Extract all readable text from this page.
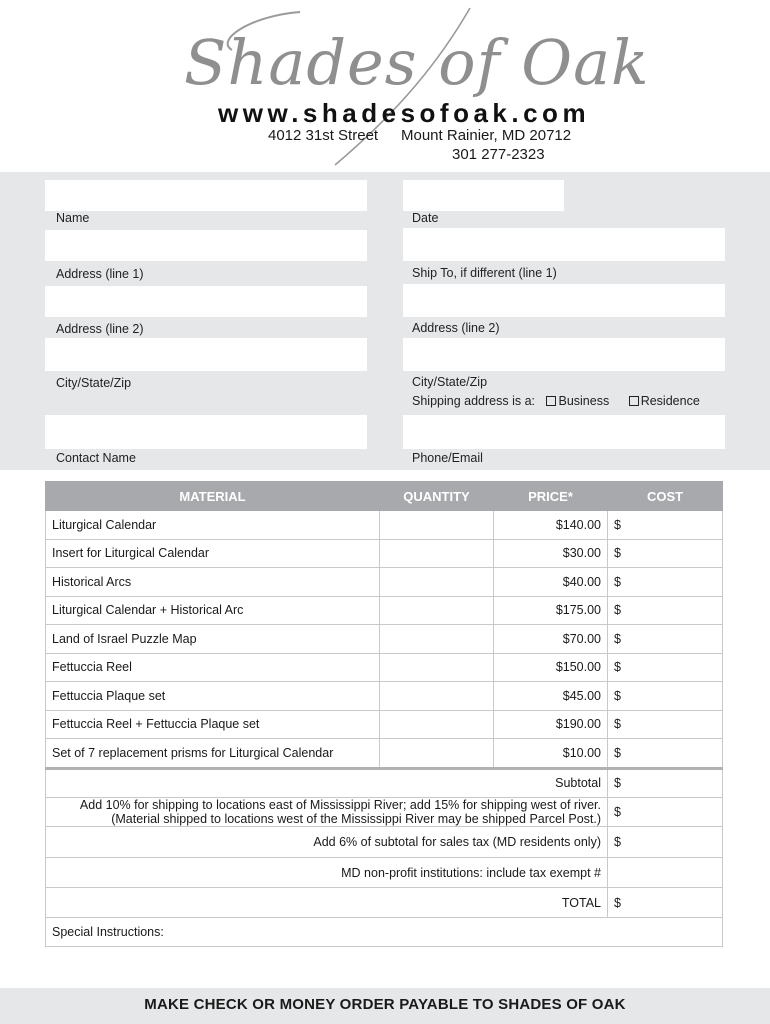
Shades of Oak
www.shadesofoak.com
4012 31st Street Mount Rainier, MD 20712
301 277-2323
Name	Date
Address (line 1)	Ship To, if different (line 1)
Address (line 2)	Address (line 2)
City/State/Zip	City/State/Zip
Shipping address is a: Business	Residence
Contact Name	Phone/Email
MATERIAL	QUANTITY	PRICE*	COST
Liturgical Calendar		$140.00	$
Insert for Liturgical Calendar		$30.00	$
Historical Arcs		$40.00	$
Liturgical Calendar + Historical Arc		$175.00	$
Land of Israel Puzzle Map		$70.00	$
Fettuccia Reel		$150.00	$
Fettuccia Plaque set		$45.00	$
Fettuccia Reel + Fettuccia Plaque set		$190.00	$
Set of 7 replacement prisms for Liturgical Calendar		$10.00	$
Subtotal			$

Add 10% for shipping to locations east of Mississippi River; add 15% for shipping west of river.
(Material shipped to locations west of the Mississippi River may be shipped Parcel Post.)			$
Add 6% of subtotal for sales tax (MD residents only)			$
MD non-profit institutions: include tax exempt #			
TOTAL			$
Special Instructions:			
MAKE CHECK OR MONEY ORDER PAYABLE TO SHADES OF OAK
